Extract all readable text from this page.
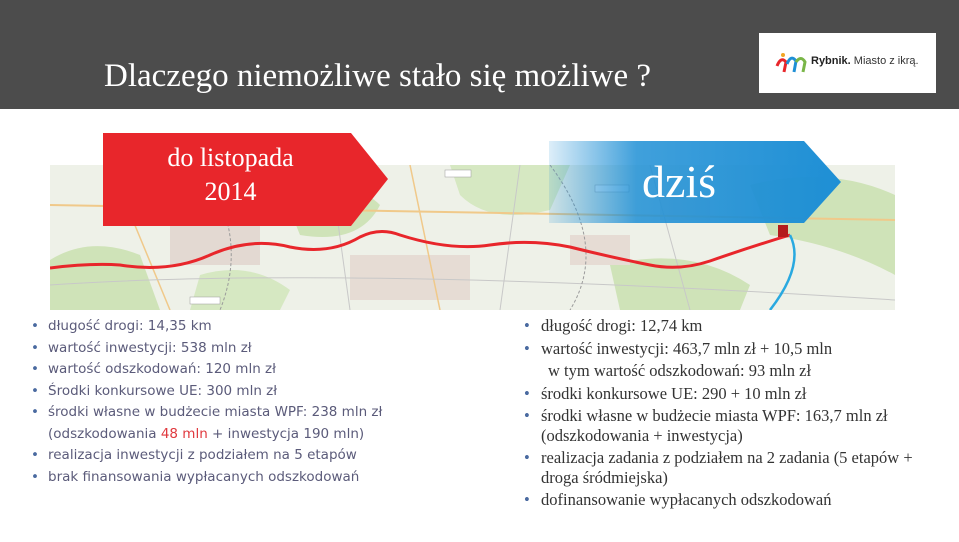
Dlaczego niemożliwe stało się możliwe ?	Rybnik. Miasto z ikrą.
do listopada
2014	dziś
• długość drogi: 14,35 km
• wartość inwestycji: 538 mln zł
• wartość odszkodowań: 120 mln zł
• Środki konkursowe UE: 300 mln zł
• środki własne w budżecie miasta WPF: 238 mln zł (odszkodowania 48 mln + inwestycja 190 mln)
• realizacja inwestycji z podziałem na 5 etapów
• brak finansowania wypłacanych odszkodowań
• długość drogi: 12,74 km
• wartość inwestycji: 463,7 mln zł + 10,5 mln
w tym wartość odszkodowań: 93 mln zł
• środki konkursowe UE: 290 + 10 mln zł
• środki własne w budżecie miasta WPF: 163,7 mln zł (odszkodowania + inwestycja)
• realizacja zadania z podziałem na 2 zadania (5 etapów + droga śródmiejska)
• dofinansowanie wypłacanych odszkodowań
